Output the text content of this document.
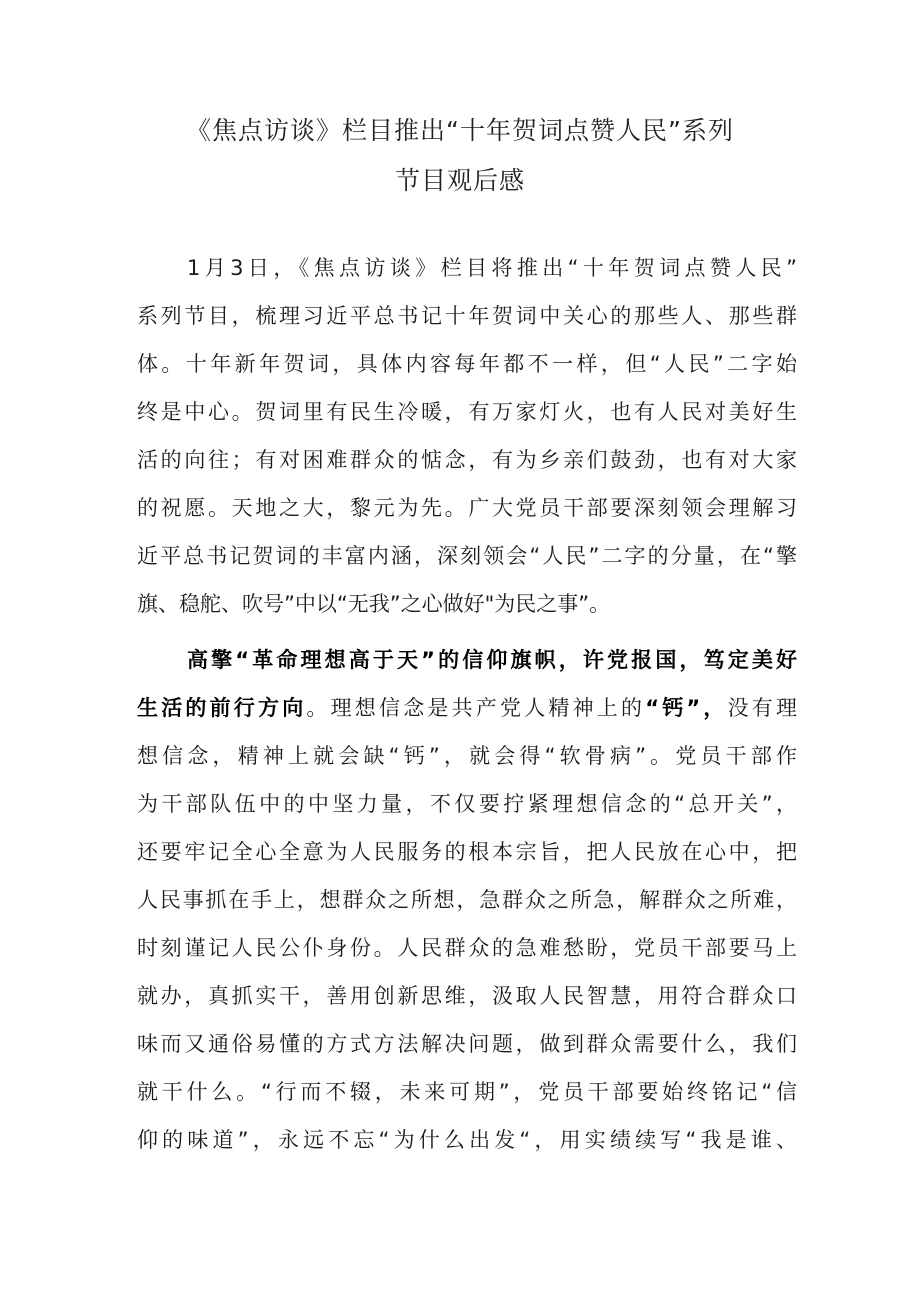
《焦点访谈》栏目推出“十年贺词点赞人民”系列
节目观后感
1月3日，《焦点访谈》栏目将推出“十年贺词点赞人民”
系列节目，梳理习近平总书记十年贺词中关心的那些人、那些群
体。十年新年贺词，具体内容每年都不一样，但“人民”二字始
终是中心。贺词里有民生冷暖，有万家灯火，也有人民对美好生
活的向往；有对困难群众的惦念，有为乡亲们鼓劲，也有对大家
的祝愿。天地之大，黎元为先。广大党员干部要深刻领会理解习
近平总书记贺词的丰富内涵，深刻领会“人民”二字的分量，在“擎
旗、稳舵、吹号”中以“无我”之心做好"为民之事”。
高擎“革命理想高于天”的信仰旗帜，许党报国，笃定美好
生活的前行方向。理想信念是共产党人精神上的“钙”，没有理
想信念，精神上就会缺“钙”，就会得“软骨病”。党员干部作
为干部队伍中的中坚力量，不仅要拧紧理想信念的“总开关”，
还要牢记全心全意为人民服务的根本宗旨，把人民放在心中，把
人民事抓在手上，想群众之所想，急群众之所急，解群众之所难，
时刻谨记人民公仆身份。人民群众的急难愁盼，党员干部要马上
就办，真抓实干，善用创新思维，汲取人民智慧，用符合群众口
味而又通俗易懂的方式方法解决问题，做到群众需要什么，我们
就干什么。“行而不辍，未来可期”，党员干部要始终铭记“信
仰的味道”，永远不忘“为什么出发“，用实绩续写“我是谁、
